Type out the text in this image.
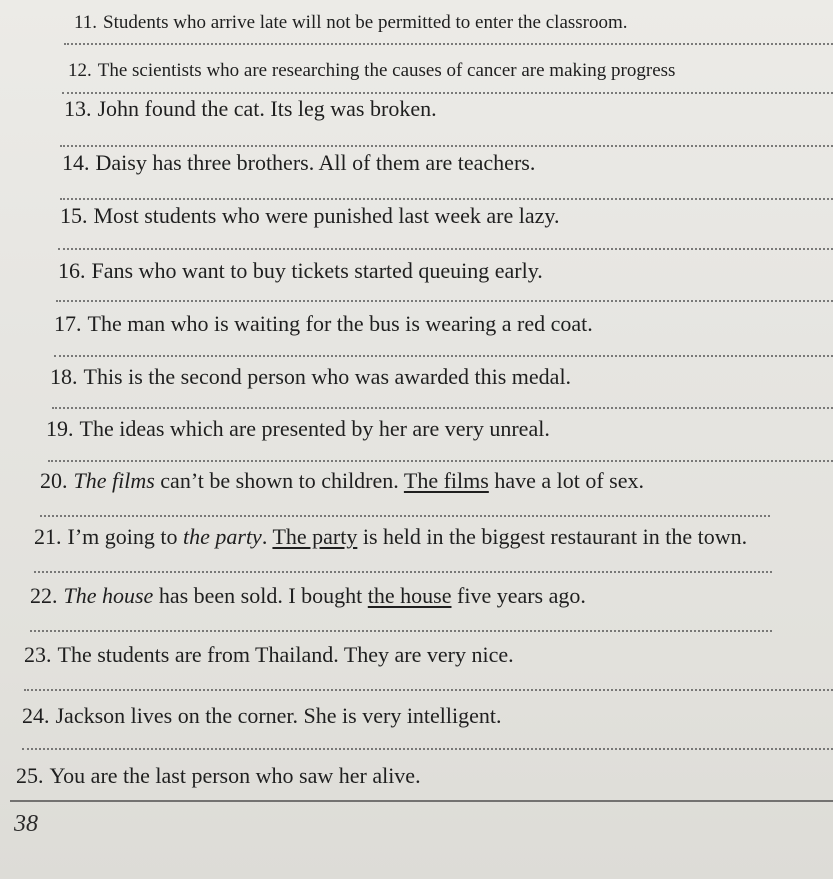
11. Students who arrive late will not be permitted to enter the classroom.
12. The scientists who are researching the causes of cancer are making progress
13. John found the cat. Its leg was broken.
14. Daisy has three brothers. All of them are teachers.
15. Most students who were punished last week are lazy.
16. Fans who want to buy tickets started queuing early.
17. The man who is waiting for the bus is wearing a red coat.
18. This is the second person who was awarded this medal.
19. The ideas which are presented by her are very unreal.
20. The films can’t be shown to children. The films have a lot of sex.
21. I’m going to the party. The party is held in the biggest restaurant in the town.
22. The house has been sold. I bought the house five years ago.
23. The students are from Thailand. They are very nice.
24. Jackson lives on the corner. She is very intelligent.
25. You are the last person who saw her alive.
38
